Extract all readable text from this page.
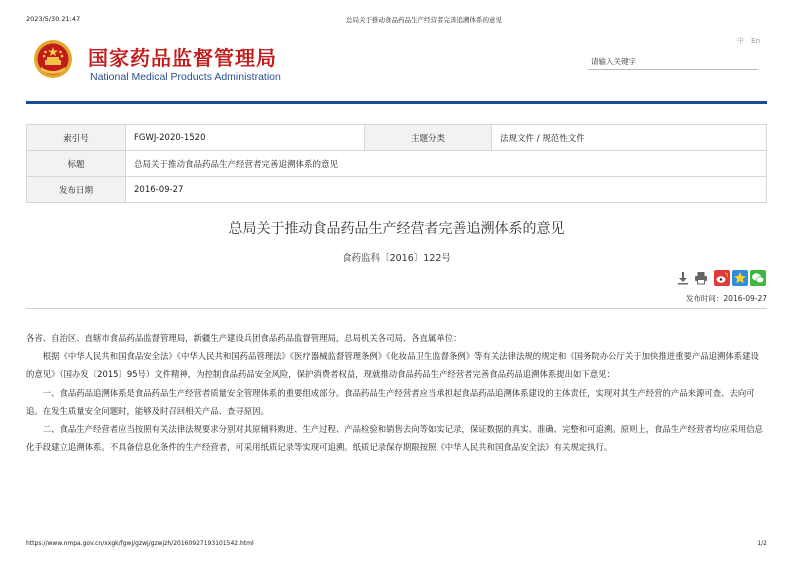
2023/5/30 21:47	总局关于推动食品药品生产经营者完善追溯体系的意见
国家药品监督管理局
National Medical Products Administration
中 En
请输入关键字
索引号	FGWJ-2020-1520	主题分类	法规文件 / 规范性文件
标题	总局关于推动食品药品生产经营者完善追溯体系的意见		
发布日期	2016-09-27		
总局关于推动食品药品生产经营者完善追溯体系的意见
食药监科〔2016〕122号
发布时间：2016-09-27

各省、自治区、直辖市食品药品监督管理局，新疆生产建设兵团食品药品监督管理局，总局机关各司局、各直属单位：

根据《中华人民共和国食品安全法》《中华人民共和国药品管理法》《医疗器械监督管理条例》《化妆品卫生监督条例》等有关法律法规的规定和《国务院办公厅关于加快推进重要产品追溯体系建设的意见》（国办发〔2015〕95号）文件精神，为控制食品药品安全风险，保护消费者权益，现就推动食品药品生产经营者完善食品药品追溯体系提出如下意见：

一、食品药品追溯体系是食品药品生产经营者质量安全管理体系的重要组成部分。食品药品生产经营者应当承担起食品药品追溯体系建设的主体责任，实现对其生产经营的产品来源可查、去向可追。在发生质量安全问题时，能够及时召回相关产品、查寻原因。

二、食品生产经营者应当按照有关法律法规要求分别对其原辅料购进、生产过程、产品检验和销售去向等如实记录，保证数据的真实、准确、完整和可追溯。原则上，食品生产经营者均应采用信息化手段建立追溯体系。不具备信息化条件的生产经营者，可采用纸质记录等实现可追溯。纸质记录保存期限按照《中华人民共和国食品安全法》有关规定执行。

https://www.nmpa.gov.cn/xxgk/fgwj/gzwj/gzwjzh/20160927193101542.html	1/2
